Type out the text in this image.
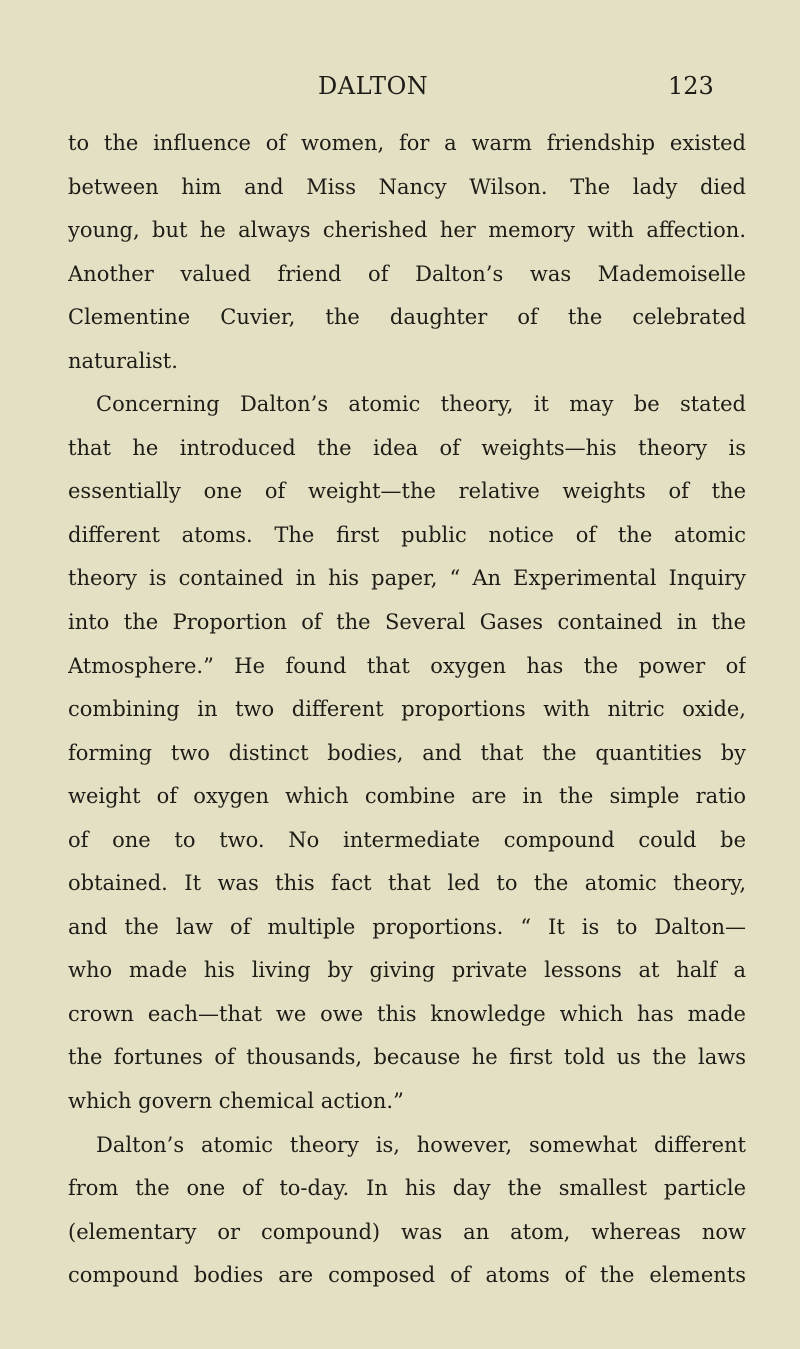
DALTON	123
to the influence of women, for a warm friendship existed
between him and Miss Nancy Wilson. The lady died
young, but he always cherished her memory with affection.
Another valued friend of Dalton’s was Mademoiselle
Clementine Cuvier, the daughter of the celebrated
naturalist.
Concerning Dalton’s atomic theory, it may be stated
that he introduced the idea of weights—his theory is
essentially one of weight—the relative weights of the
different atoms. The first public notice of the atomic
theory is contained in his paper, “ An Experimental Inquiry
into the Proportion of the Several Gases contained in the
Atmosphere.” He found that oxygen has the power of
combining in two different proportions with nitric oxide,
forming two distinct bodies, and that the quantities by
weight of oxygen which combine are in the simple ratio
of one to two. No intermediate compound could be
obtained. It was this fact that led to the atomic theory,
and the law of multiple proportions. “ It is to Dalton—
who made his living by giving private lessons at half a
crown each—that we owe this knowledge which has made
the fortunes of thousands, because he first told us the laws
which govern chemical action.”
Dalton’s atomic theory is, however, somewhat different
from the one of to-day. In his day the smallest particle
(elementary or compound) was an atom, whereas now
compound bodies are composed of atoms of the elements
